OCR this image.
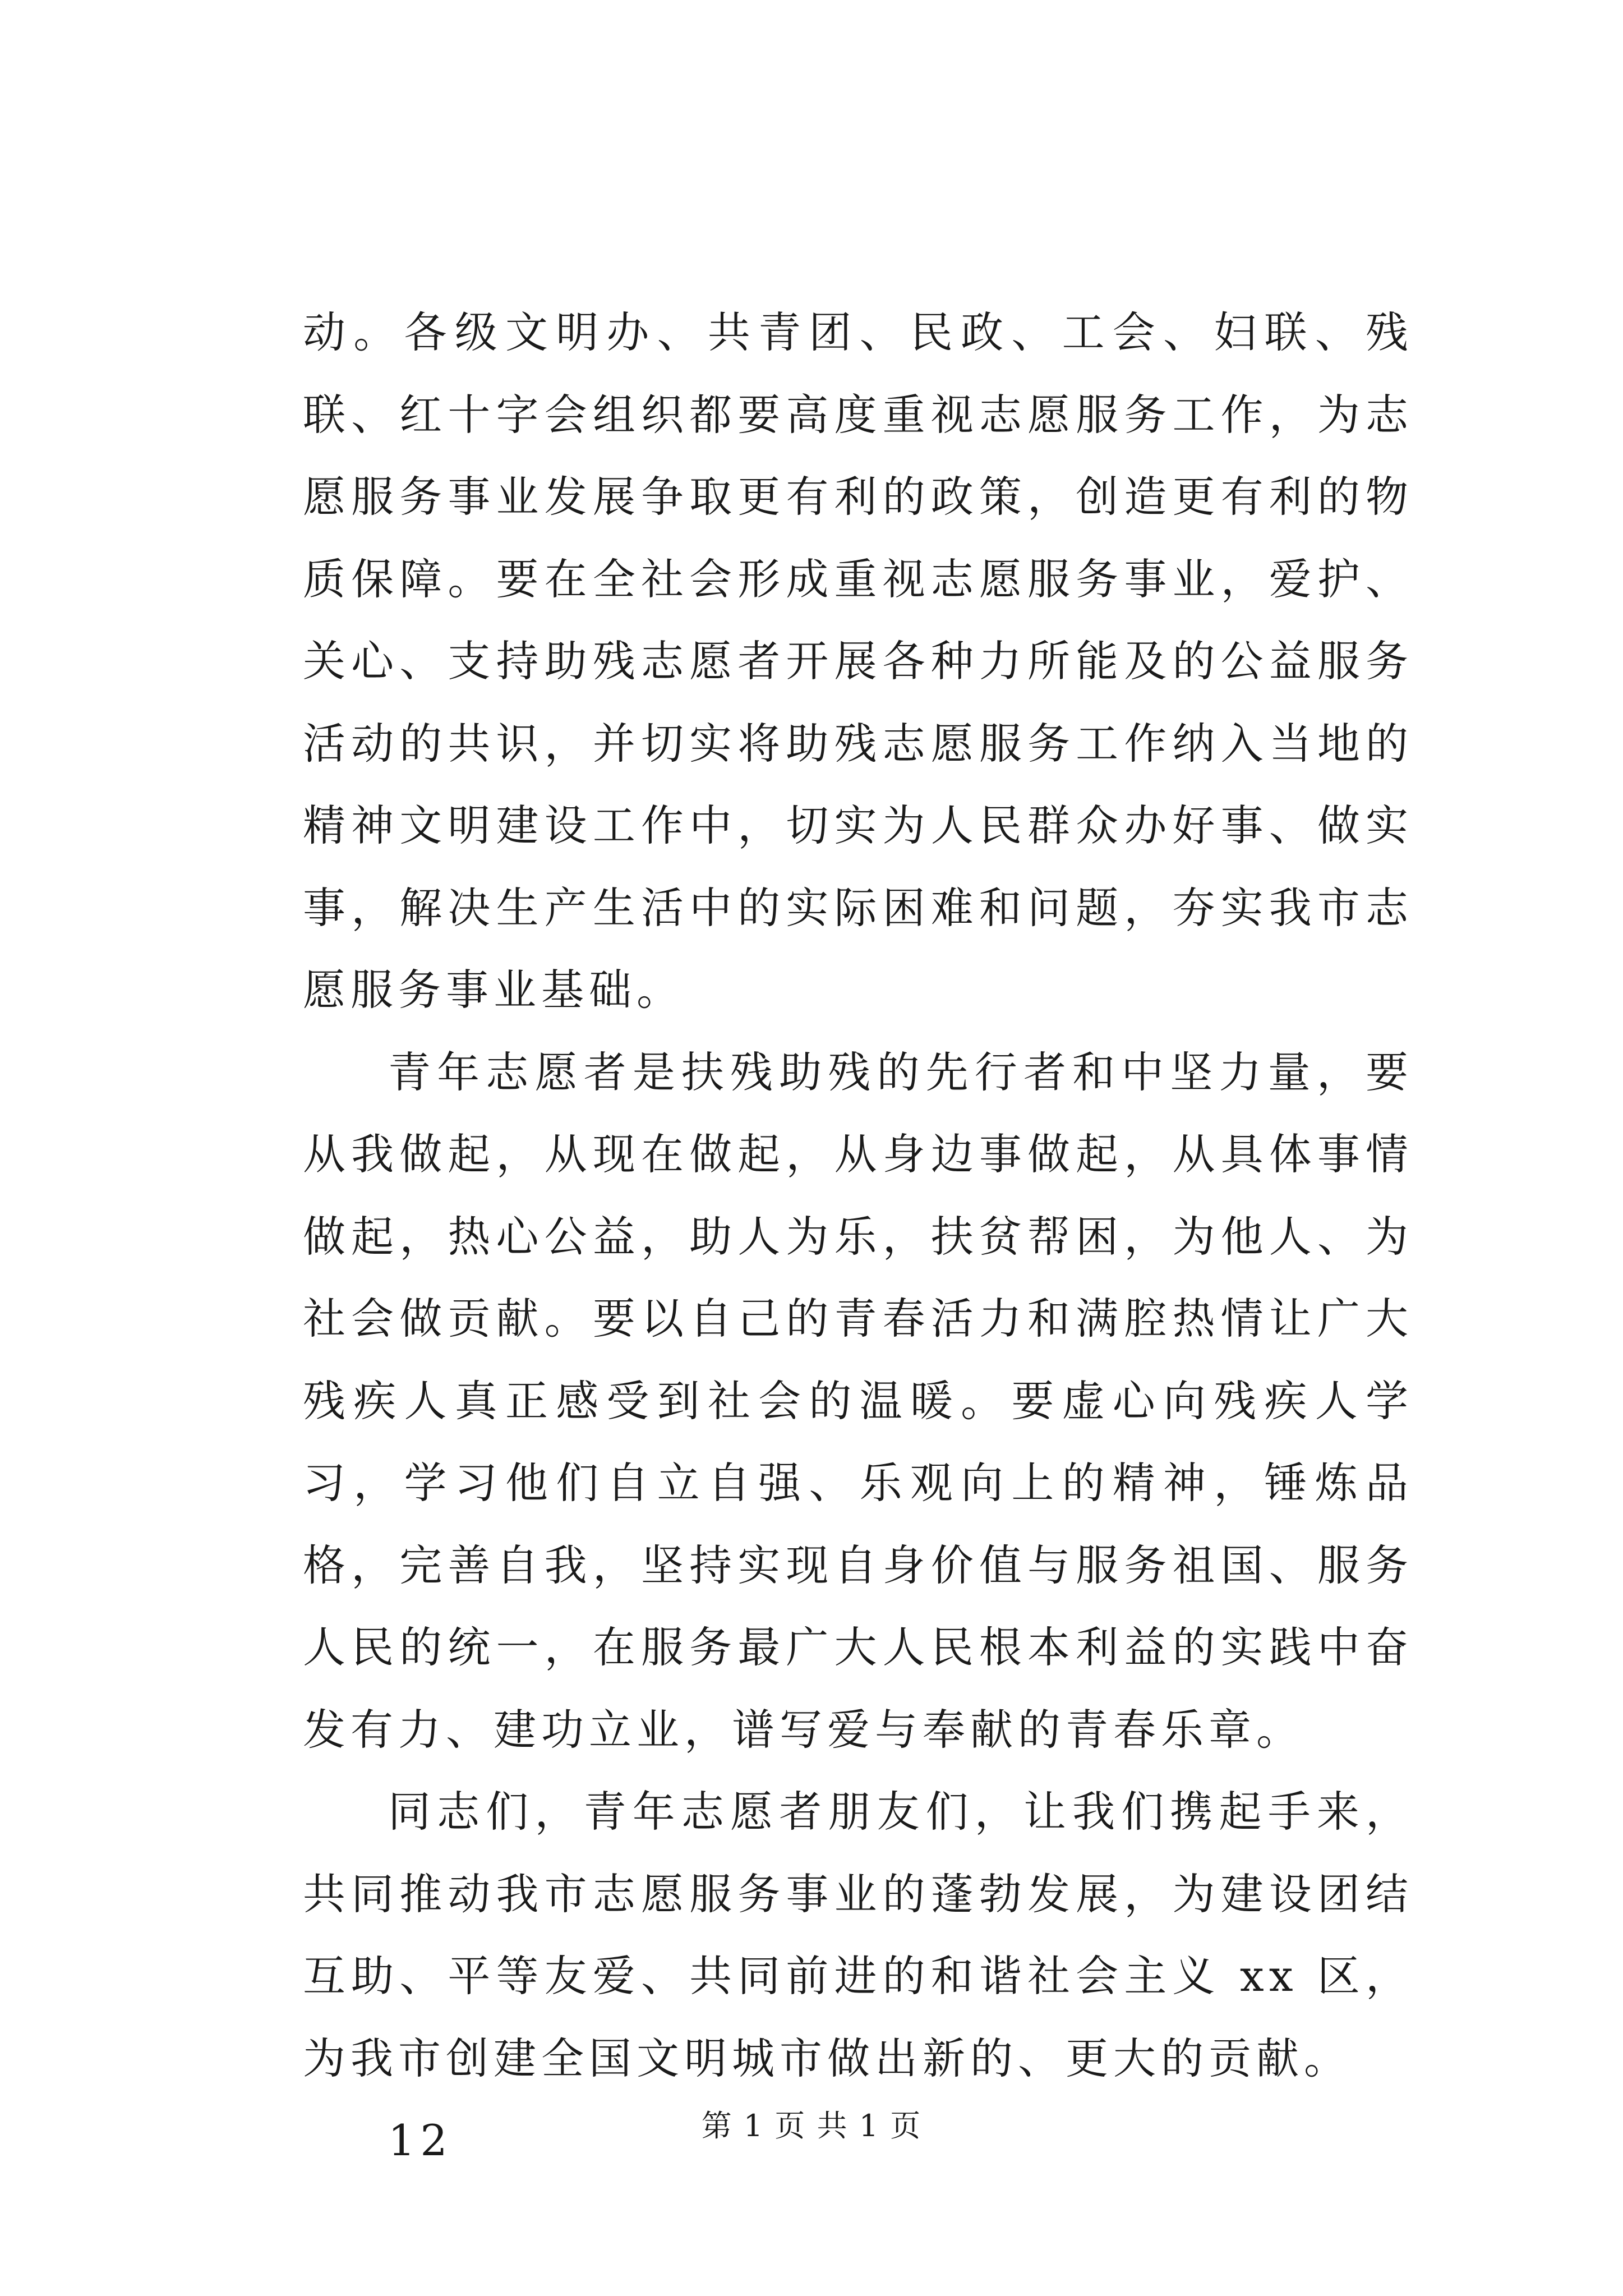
动。各级文明办、共青团、民政、工会、妇联、残联、红十字会组织都要高度重视志愿服务工作，为志愿服务事业发展争取更有利的政策，创造更有利的物质保障。要在全社会形成重视志愿服务事业，爱护、关心、支持助残志愿者开展各种力所能及的公益服务活动的共识，并切实将助残志愿服务工作纳入当地的精神文明建设工作中，切实为人民群众办好事、做实事，解决生产生活中的实际困难和问题，夯实我市志愿服务事业基础。

青年志愿者是扶残助残的先行者和中坚力量，要从我做起，从现在做起，从身边事做起，从具体事情做起，热心公益，助人为乐，扶贫帮困，为他人、为社会做贡献。要以自己的青春活力和满腔热情让广大残疾人真正感受到社会的温暖。要虚心向残疾人学习，学习他们自立自强、乐观向上的精神，锤炼品格，完善自我，坚持实现自身价值与服务祖国、服务人民的统一，在服务最广大人民根本利益的实践中奋发有力、建功立业，谱写爱与奉献的青春乐章。

同志们，青年志愿者朋友们，让我们携起手来，共同推动我市志愿服务事业的蓬勃发展，为建设团结互助、平等友爱、共同前进的和谐社会主义 xx 区，为我市创建全国文明城市做出新的、更大的贡献。

12	第 1 页 共 1 页
